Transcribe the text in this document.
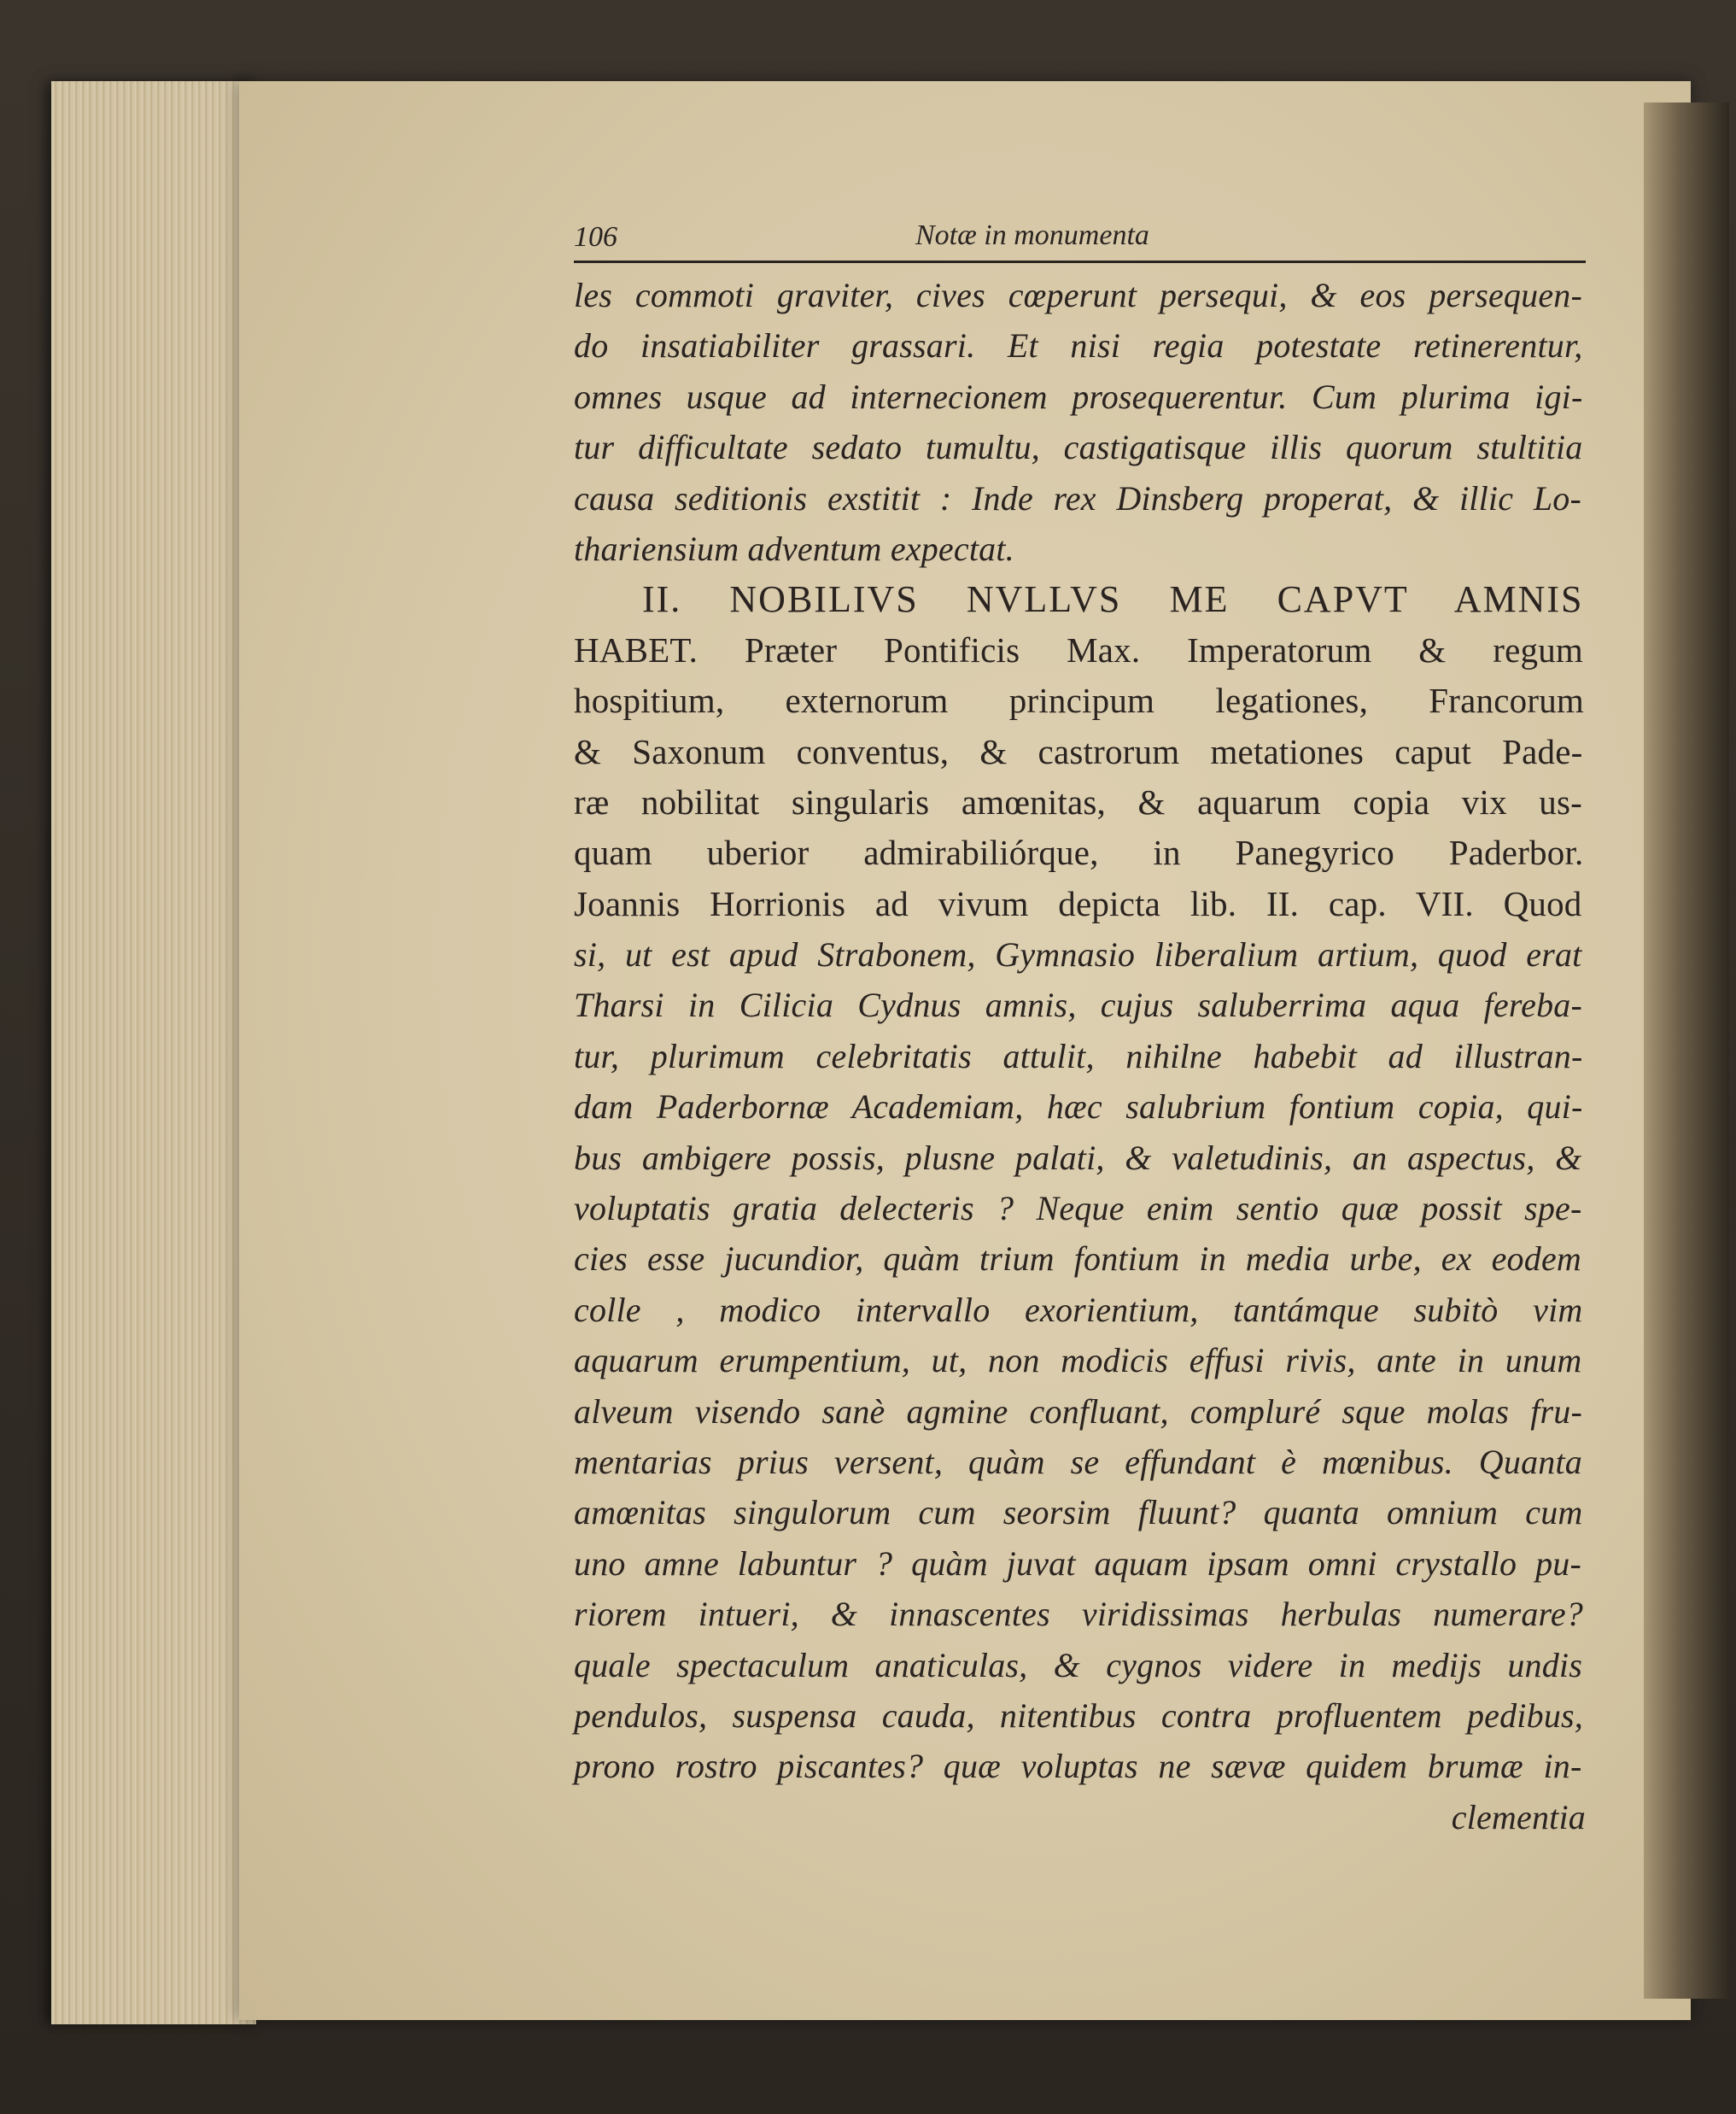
106	Notæ in monumenta
les commoti graviter, cives cœperunt persequi, & eos persequen-
do insatiabiliter grassari. Et nisi regia potestate retinerentur,
omnes usque ad internecionem prosequerentur. Cum plurima igi-
tur difficultate sedato tumultu, castigatisque illis quorum stultitia
causa seditionis exstitit : Inde rex Dinsberg properat, & illic Lo-
thariensium adventum expectat.
II. NOBILIVS NVLLVS ME CAPVT AMNIS
HABET. Præter Pontificis Max. Imperatorum & regum
hospitium, externorum principum legationes, Francorum
& Saxonum conventus, & castrorum metationes caput Pade-
ræ nobilitat singularis amœnitas, & aquarum copia vix us-
quam uberior admirabiliórque, in Panegyrico Paderbor.
Joannis Horrionis ad vivum depicta lib. II. cap. VII. Quod
si, ut est apud Strabonem, Gymnasio liberalium artium, quod erat
Tharsi in Cilicia Cydnus amnis, cujus saluberrima aqua fereba-
tur, plurimum celebritatis attulit, nihilne habebit ad illustran-
dam Paderbornæ Academiam, hæc salubrium fontium copia, qui-
bus ambigere possis, plusne palati, & valetudinis, an aspectus, &
voluptatis gratia delecteris ? Neque enim sentio quæ possit spe-
cies esse jucundior, quàm trium fontium in media urbe, ex eodem
colle , modico intervallo exorientium, tantámque subitò vim
aquarum erumpentium, ut, non modicis effusi rivis, ante in unum
alveum visendo sanè agmine confluant, compluré sque molas fru-
mentarias prius versent, quàm se effundant è mœnibus. Quanta
amœnitas singulorum cum seorsim fluunt? quanta omnium cum
uno amne labuntur ? quàm juvat aquam ipsam omni crystallo pu-
riorem intueri, & innascentes viridissimas herbulas numerare?
quale spectaculum anaticulas, & cygnos videre in medijs undis
pendulos, suspensa cauda, nitentibus contra profluentem pedibus,
prono rostro piscantes? quæ voluptas ne sævæ quidem brumæ in-
clementia
